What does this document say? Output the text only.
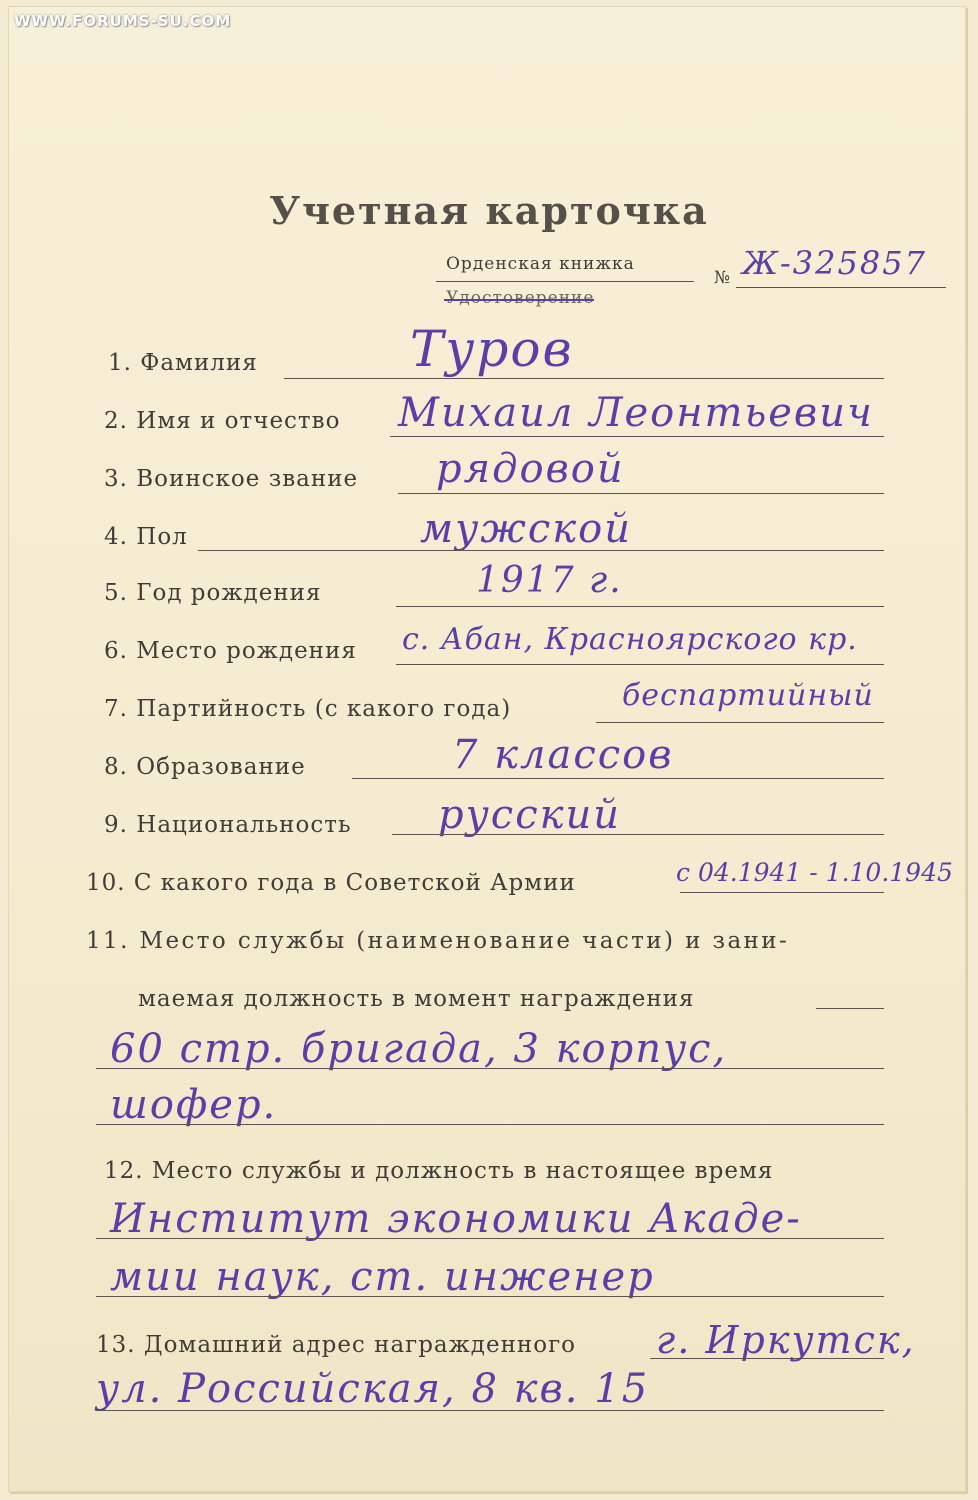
WWW.FORUMS-SU.COM
Учетная карточка
Орденская книжка
Удостоверение
№ Ж-325857
1. Фамилия	Туров
2. Имя и отчество Михаил Леонтьевич
3. Воинское звание рядовой
4. Пол	мужской
5. Год рождения	1917 г.
6. Место рождения с. Абан, Красноярского кр.
7. Партийность (с какого года)	беспартийный
8. Образование	7 классов
9. Национальность русский
10. С какого года в Советской Армии	с 04.1941 - 1.10.1945
11. Место службы (наименование части) и зани-
маемая должность в момент награждения
60 стр. бригада, 3 корпус,
шофер.
12. Место службы и должность в настоящее время
Институт экономики Акаде-
мии наук, ст. инженер
13. Домашний адрес награжденного г. Иркутск,
ул. Российская, 8 кв. 15
